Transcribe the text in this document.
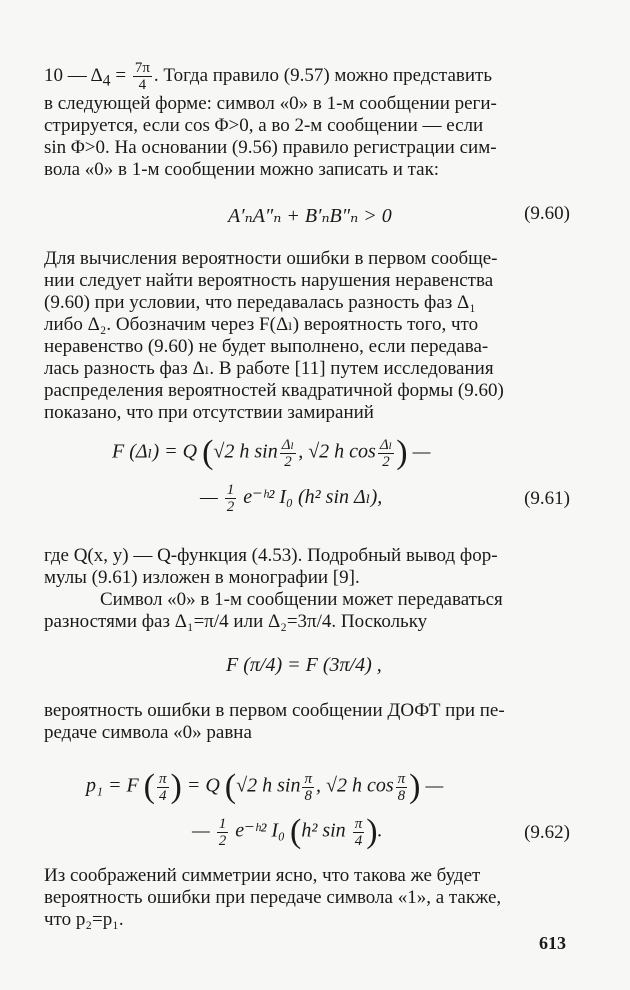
10 — $\Delta_4 = \frac{7\pi}{4}$ . Тогда правило (9.57) можно представить
в следующей форме: символ «0» в 1-м сообщении реги-
стрируется, если cos Φ>0, а во 2-м сообщении — если
sin Φ>0. На основании (9.56) правило регистрации сим-
вола «0» в 1-м сообщении можно записать и так:
A′ₙA″ₙ + B′ₙB″ₙ > 0	(9.60)
Для вычисления вероятности ошибки в первом сообще-
нии следует найти вероятность нарушения неравенства
(9.60) при условии, что передавалась разность фаз Δ₁
либо Δ₂. Обозначим через F(Δₗ) вероятность того, что
неравенство (9.60) не будет выполнено, если передава-
лась разность фаз Δₗ. В работе [11] путем исследования
распределения вероятностей квадратичной формы (9.60)
показано, что при отсутствии замираний
F (Δₗ) = Q (√2 h $\sin \frac{\text{Δₗ}}{2}$ , √2 h $\cos \frac{\text{Δₗ}}{2}$ ) —
— $\frac{1}{2}$ e⁻ʰ² I₀ (h² sin Δₗ),	(9.61)
где Q(x, y) — Q-функция (4.53). Подробный вывод фор-
мулы (9.61) изложен в монографии [9].
Символ «0» в 1-м сообщении может передаваться
разностями фаз Δ₁=π/4 или Δ₂=3π/4. Поскольку
F (π/4) = F (3π/4) ,
вероятность ошибки в первом сообщении ДОФТ при пе-
редаче символа «0» равна
p₁ = F ( $\frac{\pi}{4}$ ) = Q (√2 h $\sin \frac{\pi}{8}$ , √2 h $\cos \frac{\pi}{8}$ ) —
— $\frac{1}{2}$ e⁻ʰ² I₀ (h² $\sin \frac{\pi}{4}$ ).	(9.62)
Из соображений симметрии ясно, что такова же будет
вероятность ошибки при передаче символа «1», а также,
что p₂=p₁.
613
